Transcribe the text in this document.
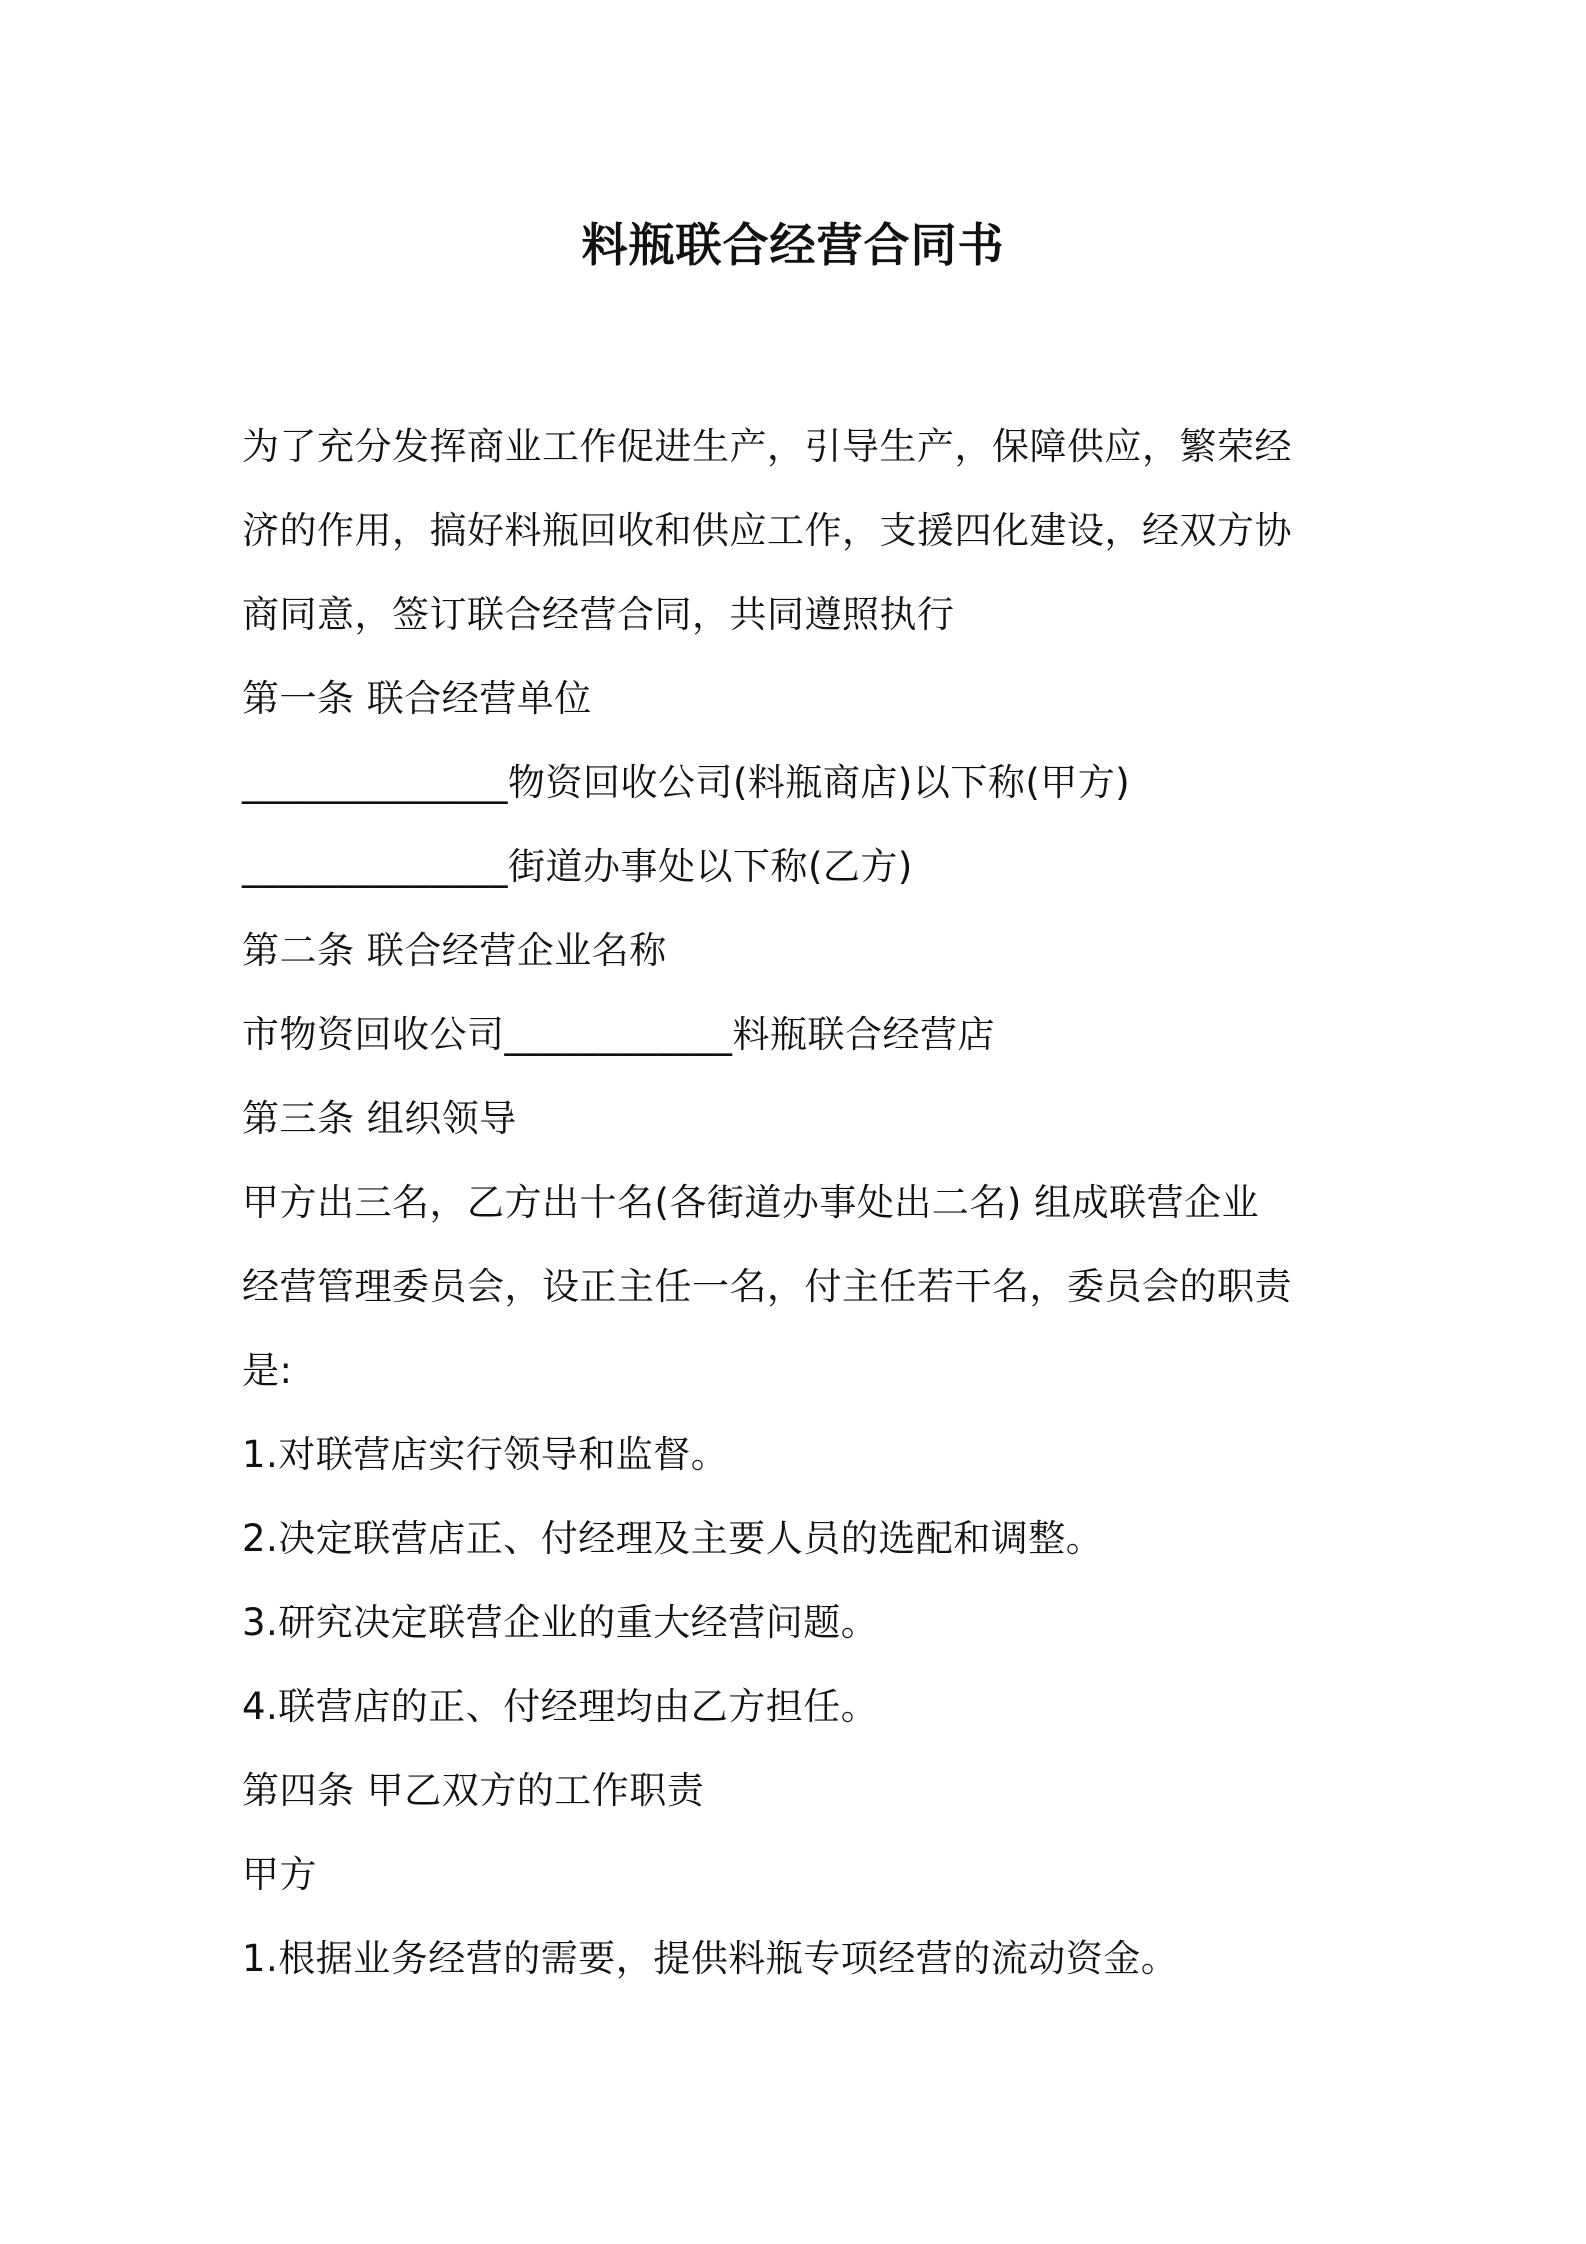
料瓶联合经营合同书
为了充分发挥商业工作促进生产，引导生产，保障供应，繁荣经
济的作用，搞好料瓶回收和供应工作，支援四化建设，经双方协
商同意，签订联合经营合同，共同遵照执行
第一条 联合经营单位
______________物资回收公司(料瓶商店)以下称(甲方)
______________街道办事处以下称(乙方)
第二条 联合经营企业名称
市物资回收公司____________料瓶联合经营店
第三条 组织领导
甲方出三名，乙方出十名(各街道办事处出二名) 组成联营企业
经营管理委员会，设正主任一名，付主任若干名，委员会的职责
是:
1.对联营店实行领导和监督。
2.决定联营店正、付经理及主要人员的选配和调整。
3.研究决定联营企业的重大经营问题。
4.联营店的正、付经理均由乙方担任。
第四条 甲乙双方的工作职责
甲方
1.根据业务经营的需要，提供料瓶专项经营的流动资金。
